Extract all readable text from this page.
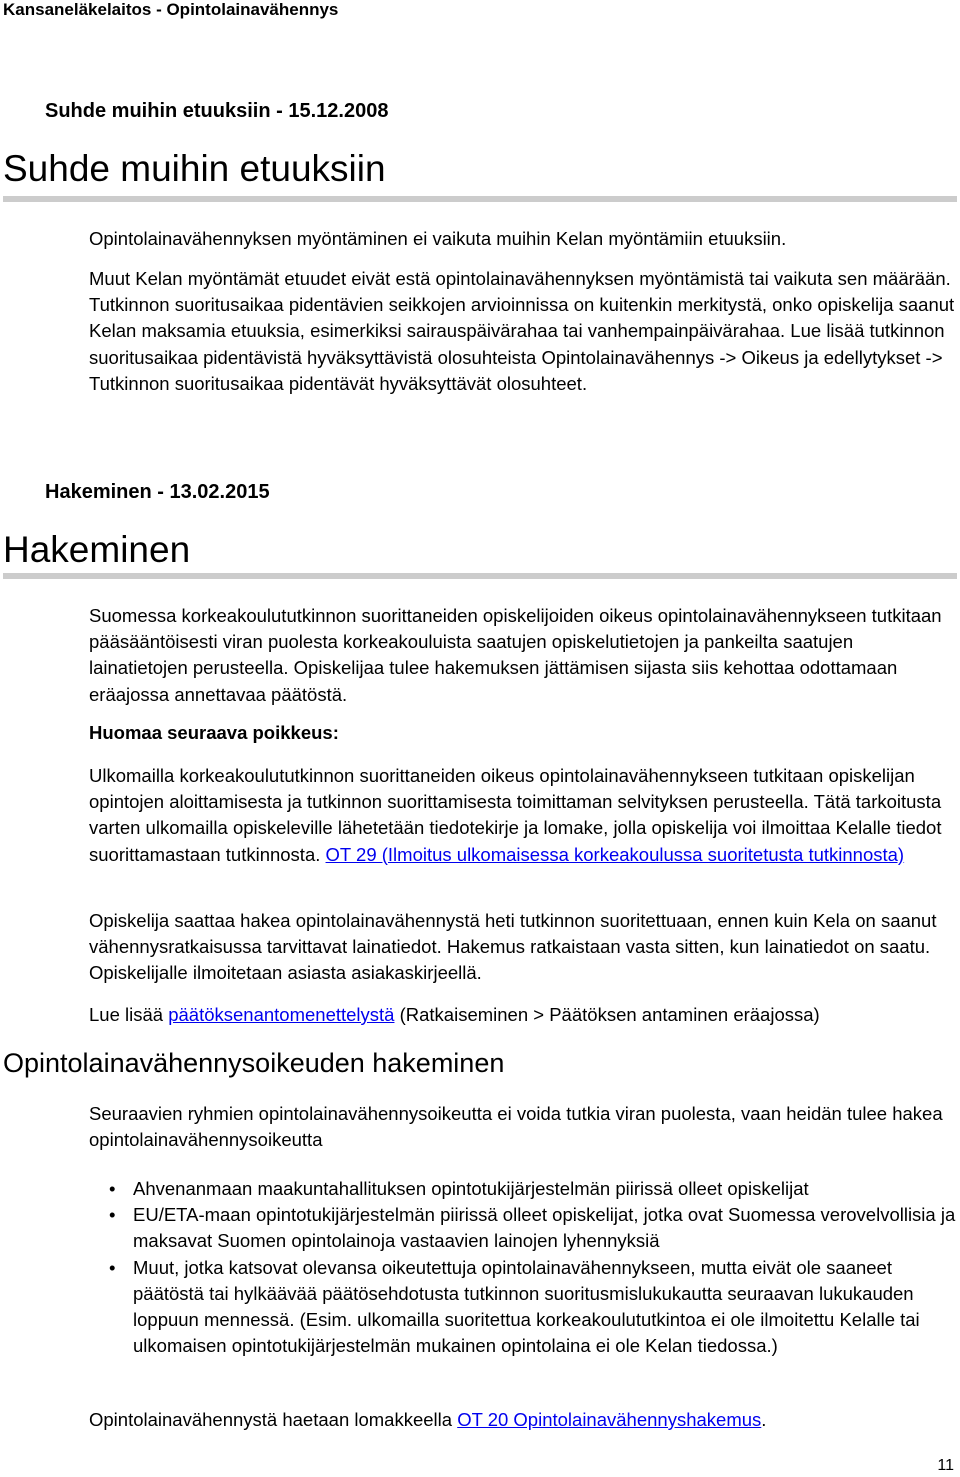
Kansaneläkelaitos - Opintolainavähennys
Suhde muihin etuuksiin - 15.12.2008
Suhde muihin etuuksiin

Opintolainavähennyksen myöntäminen ei vaikuta muihin Kelan myöntämiin etuuksiin.

Muut Kelan myöntämät etuudet eivät estä opintolainavähennyksen myöntämistä tai vaikuta sen määrään. Tutkinnon suoritusaikaa pidentävien seikkojen arvioinnissa on kuitenkin merkitystä, onko opiskelija saanut Kelan maksamia etuuksia, esimerkiksi sairauspäivärahaa tai vanhempainpäivärahaa. Lue lisää tutkinnon suoritusaikaa pidentävistä hyväksyttävistä olosuhteista Opintolainavähennys -> Oikeus ja edellytykset -> Tutkinnon suoritusaikaa pidentävät hyväksyttävät olosuhteet.

Hakeminen - 13.02.2015
Hakeminen

Suomessa korkeakoulututkinnon suorittaneiden opiskelijoiden oikeus opintolainavähennykseen tutkitaan pääsääntöisesti viran puolesta korkeakouluista saatujen opiskelutietojen ja pankeilta saatujen lainatietojen perusteella. Opiskelijaa tulee hakemuksen jättämisen sijasta siis kehottaa odottamaan eräajossa annettavaa päätöstä.

Huomaa seuraava poikkeus:

Ulkomailla korkeakoulututkinnon suorittaneiden oikeus opintolainavähennykseen tutkitaan opiskelijan opintojen aloittamisesta ja tutkinnon suorittamisesta toimittaman selvityksen perusteella. Tätä tarkoitusta varten ulkomailla opiskeleville lähetetään tiedotekirje ja lomake, jolla opiskelija voi ilmoittaa Kelalle tiedot suorittamastaan tutkinnosta. OT 29 (Ilmoitus ulkomaisessa korkeakoulussa suoritetusta tutkinnosta)

Opiskelija saattaa hakea opintolainavähennystä heti tutkinnon suoritettuaan, ennen kuin Kela on saanut vähennysratkaisussa tarvittavat lainatiedot. Hakemus ratkaistaan vasta sitten, kun lainatiedot on saatu. Opiskelijalle ilmoitetaan asiasta asiakaskirjeellä.

Lue lisää päätöksenantomenettelystä (Ratkaiseminen > Päätöksen antaminen eräajossa)

Opintolainavähennysoikeuden hakeminen

Seuraavien ryhmien opintolainavähennysoikeutta ei voida tutkia viran puolesta, vaan heidän tulee hakea opintolainavähennysoikeutta

• Ahvenanmaan maakuntahallituksen opintotukijärjestelmän piirissä olleet opiskelijat
• EU/ETA-maan opintotukijärjestelmän piirissä olleet opiskelijat, jotka ovat Suomessa verovelvollisia ja maksavat Suomen opintolainoja vastaavien lainojen lyhennyksiä
• Muut, jotka katsovat olevansa oikeutettuja opintolainavähennykseen, mutta eivät ole saaneet päätöstä tai hylkäävää päätösehdotusta tutkinnon suoritusmislukukautta seuraavan lukukauden loppuun mennessä. (Esim. ulkomailla suoritettua korkeakoulututkintoa ei ole ilmoitettu Kelalle tai ulkomaisen opintotukijärjestelmän mukainen opintolaina ei ole Kelan tiedossa.)

Opintolainavähennystä haetaan lomakkeella OT 20 Opintolainavähennyshakemus.

11
